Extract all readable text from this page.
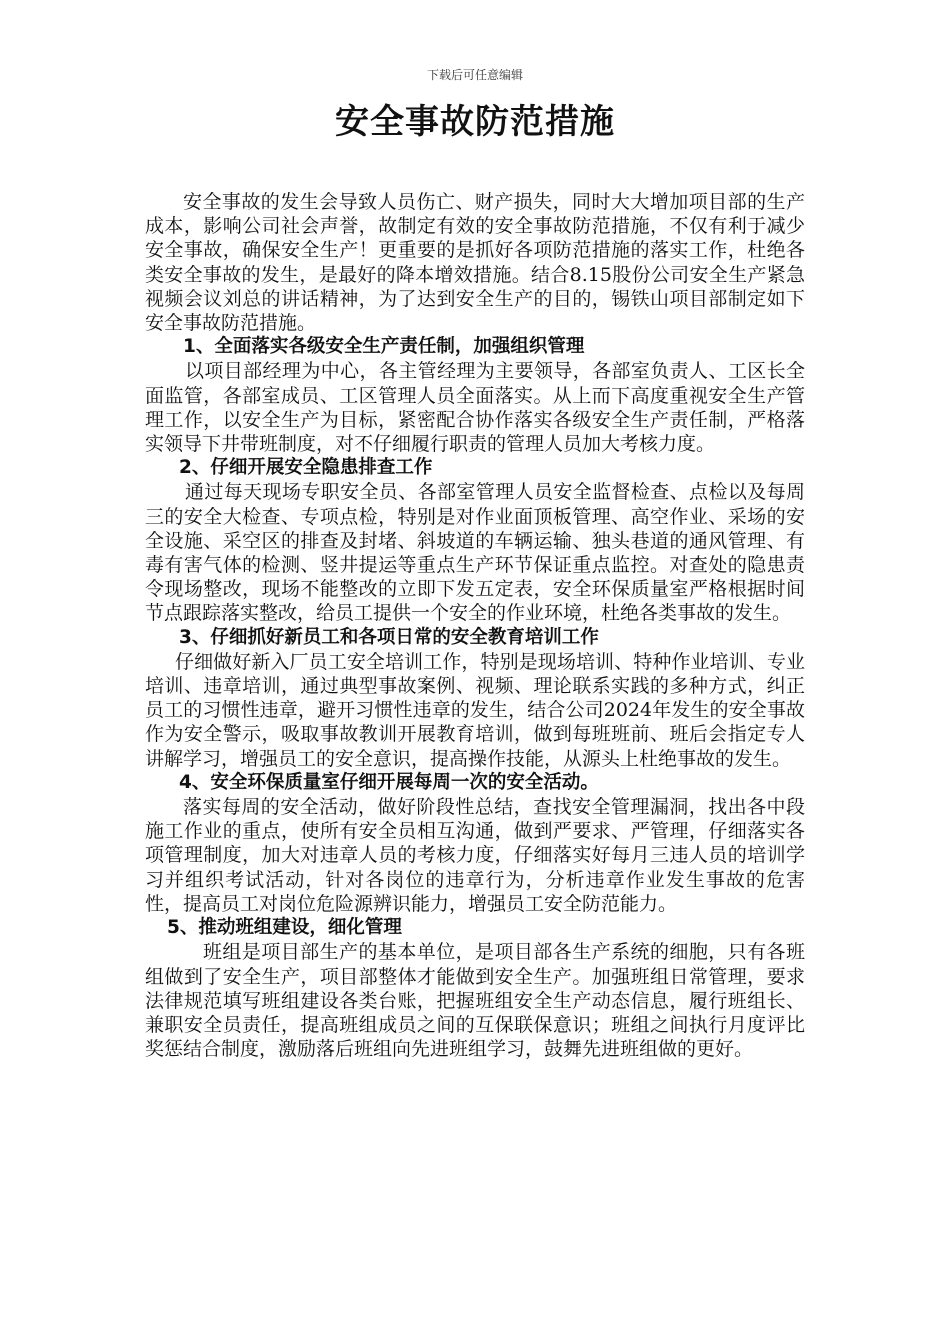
下载后可任意编辑
安全事故防范措施

安全事故的发生会导致人员伤亡、财产损失，同时大大增加项目部的生产成本，影响公司社会声誉，故制定有效的安全事故防范措施，不仅有利于减少安全事故，确保安全生产！更重要的是抓好各项防范措施的落实工作，杜绝各类安全事故的发生，是最好的降本增效措施。结合8.15股份公司安全生产紧急视频会议刘总的讲话精神，为了达到安全生产的目的，锡铁山项目部制定如下安全事故防范措施。

1、全面落实各级安全生产责任制，加强组织管理

以项目部经理为中心，各主管经理为主要领导，各部室负责人、工区长全面监管，各部室成员、工区管理人员全面落实。从上而下高度重视安全生产管理工作，以安全生产为目标，紧密配合协作落实各级安全生产责任制，严格落实领导下井带班制度，对不仔细履行职责的管理人员加大考核力度。

2、仔细开展安全隐患排查工作

通过每天现场专职安全员、各部室管理人员安全监督检查、点检以及每周三的安全大检查、专项点检，特别是对作业面顶板管理、高空作业、采场的安全设施、采空区的排查及封堵、斜坡道的车辆运输、独头巷道的通风管理、有毒有害气体的检测、竖井提运等重点生产环节保证重点监控。对查处的隐患责令现场整改，现场不能整改的立即下发五定表，安全环保质量室严格根据时间节点跟踪落实整改，给员工提供一个安全的作业环境，杜绝各类事故的发生。

3、仔细抓好新员工和各项日常的安全教育培训工作

仔细做好新入厂员工安全培训工作，特别是现场培训、特种作业培训、专业培训、违章培训，通过典型事故案例、视频、理论联系实践的多种方式，纠正员工的习惯性违章，避开习惯性违章的发生，结合公司2024年发生的安全事故作为安全警示，吸取事故教训开展教育培训，做到每班班前、班后会指定专人讲解学习，增强员工的安全意识，提高操作技能，从源头上杜绝事故的发生。

4、安全环保质量室仔细开展每周一次的安全活动。

落实每周的安全活动，做好阶段性总结，查找安全管理漏洞，找出各中段施工作业的重点，使所有安全员相互沟通，做到严要求、严管理，仔细落实各项管理制度，加大对违章人员的考核力度，仔细落实好每月三违人员的培训学习并组织考试活动，针对各岗位的违章行为，分析违章作业发生事故的危害性，提高员工对岗位危险源辨识能力，增强员工安全防范能力。

5、推动班组建设，细化管理

班组是项目部生产的基本单位，是项目部各生产系统的细胞，只有各班组做到了安全生产，项目部整体才能做到安全生产。加强班组日常管理，要求法律规范填写班组建设各类台账，把握班组安全生产动态信息，履行班组长、兼职安全员责任，提高班组成员之间的互保联保意识；班组之间执行月度评比奖惩结合制度，激励落后班组向先进班组学习，鼓舞先进班组做的更好。
